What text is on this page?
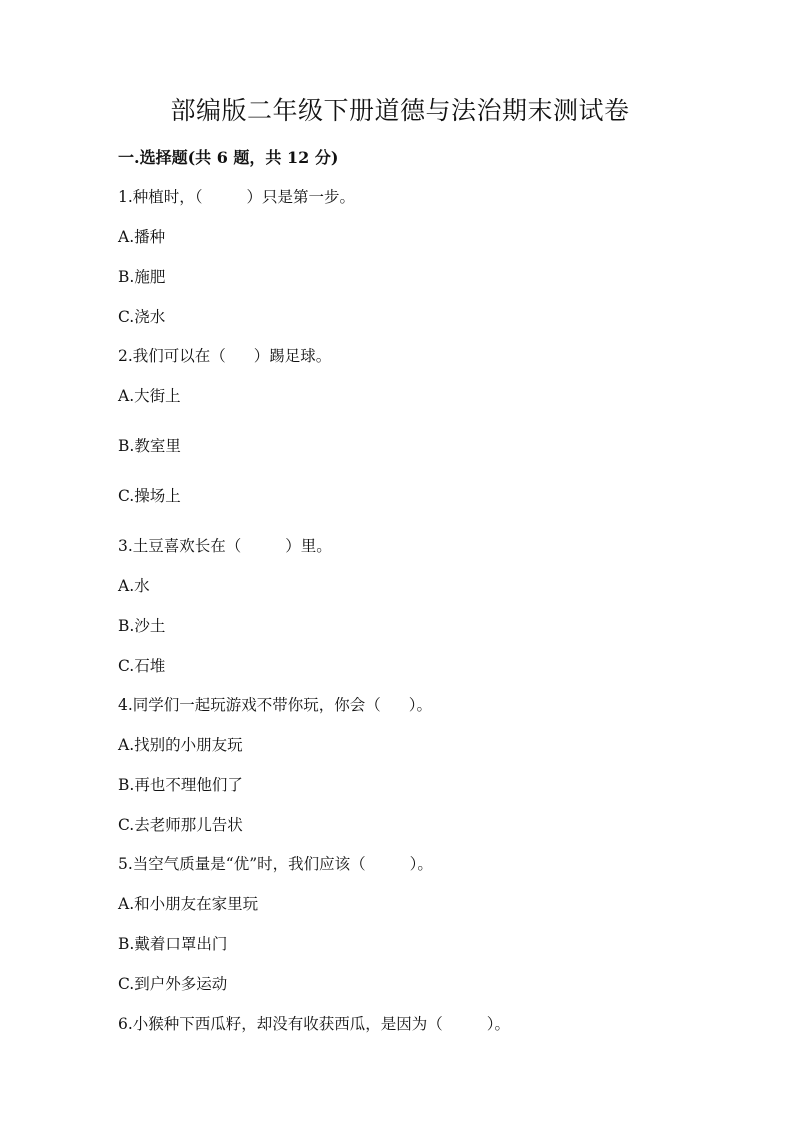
部编版二年级下册道德与法治期末测试卷
一.选择题(共 6 题，共 12 分)

1.种植时，（	）只是第一步。

A.播种

B.施肥

C.浇水

2.我们可以在（ ）踢足球。

A.大街上

B.教室里

C.操场上

3.土豆喜欢长在（	）里。

A.水

B.沙土

C.石堆

4.同学们一起玩游戏不带你玩，你会（ ）。

A.找别的小朋友玩

B.再也不理他们了

C.去老师那儿告状

5.当空气质量是“优”时，我们应该（	）。

A.和小朋友在家里玩

B.戴着口罩出门

C.到户外多运动

6.小猴种下西瓜籽，却没有收获西瓜，是因为（	）。
